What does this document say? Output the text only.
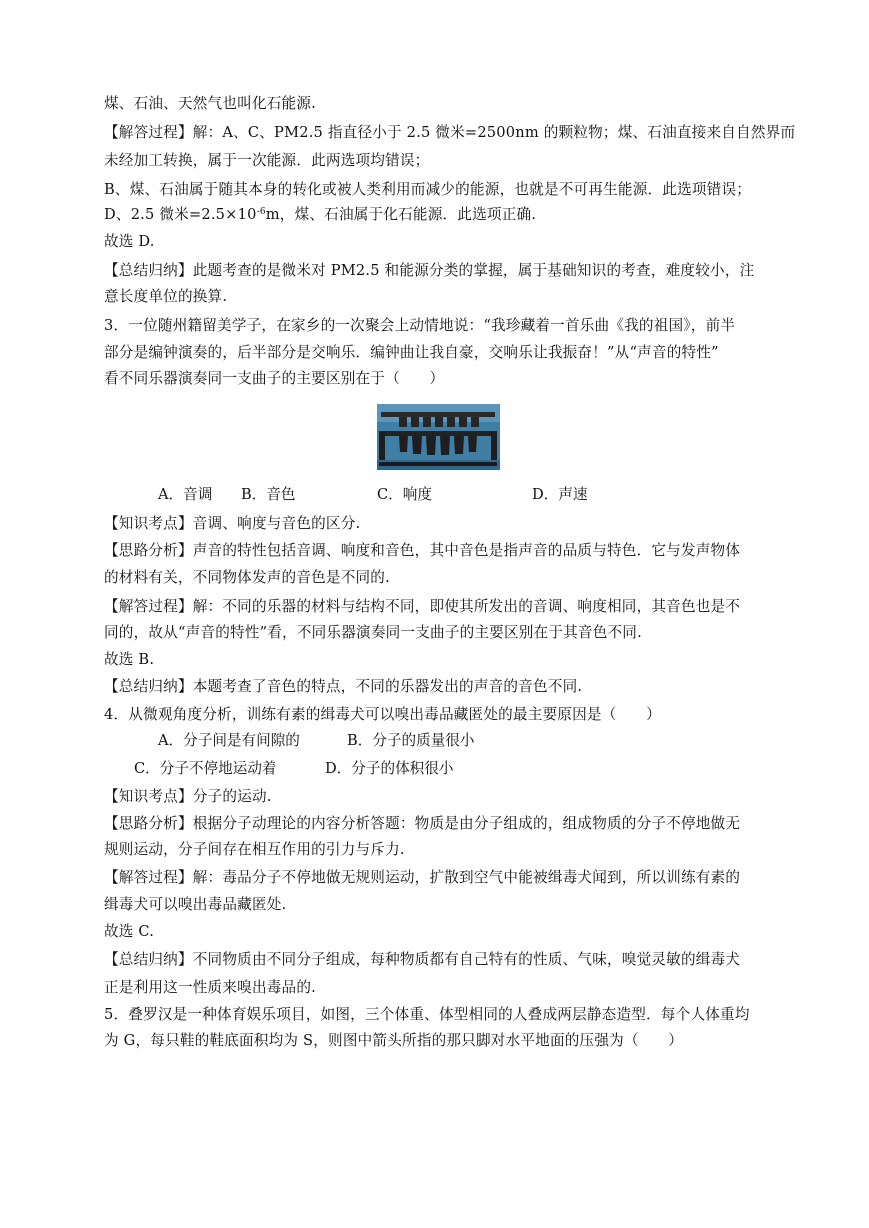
煤、石油、天然气也叫化石能源.
【解答过程】解：A、C、PM2.5 指直径小于 2.5 微米=2500nm 的颗粒物；煤、石油直接来自自然界而
未经加工转换，属于一次能源．此两选项均错误；
B、煤、石油属于随其本身的转化或被人类利用而减少的能源，也就是不可再生能源．此选项错误；
D、2.5 微米$=2.5\times 10^{-6}m$，煤、石油属于化石能源．此选项正确.
故选 D.
【总结归纳】此题考查的是微米对 PM2.5 和能源分类的掌握，属于基础知识的考查，难度较小，注
意长度单位的换算.
3．一位随州籍留美学子，在家乡的一次聚会上动情地说：“我珍藏着一首乐曲《我的祖国》，前半
部分是编钟演奏的，后半部分是交响乐．编钟曲让我自豪，交响乐让我振奋！”从“声音的特性”
看不同乐器演奏同一支曲子的主要区别在于（　　）
A．音调 B．音色	C．响度	D．声速
【知识考点】音调、响度与音色的区分.
【思路分析】声音的特性包括音调、响度和音色，其中音色是指声音的品质与特色．它与发声物体
的材料有关，不同物体发声的音色是不同的.
【解答过程】解：不同的乐器的材料与结构不同，即使其所发出的音调、响度相同，其音色也是不
同的，故从“声音的特性”看，不同乐器演奏同一支曲子的主要区别在于其音色不同.
故选 B.
【总结归纳】本题考查了音色的特点，不同的乐器发出的声音的音色不同.
4．从微观角度分析，训练有素的缉毒犬可以嗅出毒品藏匿处的最主要原因是（　　）
A．分子间是有间隙的	B．分子的质量很小
C．分子不停地运动着	D．分子的体积很小
【知识考点】分子的运动.
【思路分析】根据分子动理论的内容分析答题：物质是由分子组成的，组成物质的分子不停地做无
规则运动，分子间存在相互作用的引力与斥力.
【解答过程】解：毒品分子不停地做无规则运动，扩散到空气中能被缉毒犬闻到，所以训练有素的
缉毒犬可以嗅出毒品藏匿处.
故选 C.
【总结归纳】不同物质由不同分子组成，每种物质都有自己特有的性质、气味，嗅觉灵敏的缉毒犬
正是利用这一性质来嗅出毒品的.
5．叠罗汉是一种体育娱乐项目，如图，三个体重、体型相同的人叠成两层静态造型．每个人体重均
为 G，每只鞋的鞋底面积均为 S，则图中箭头所指的那只脚对水平地面的压强为（　　）
